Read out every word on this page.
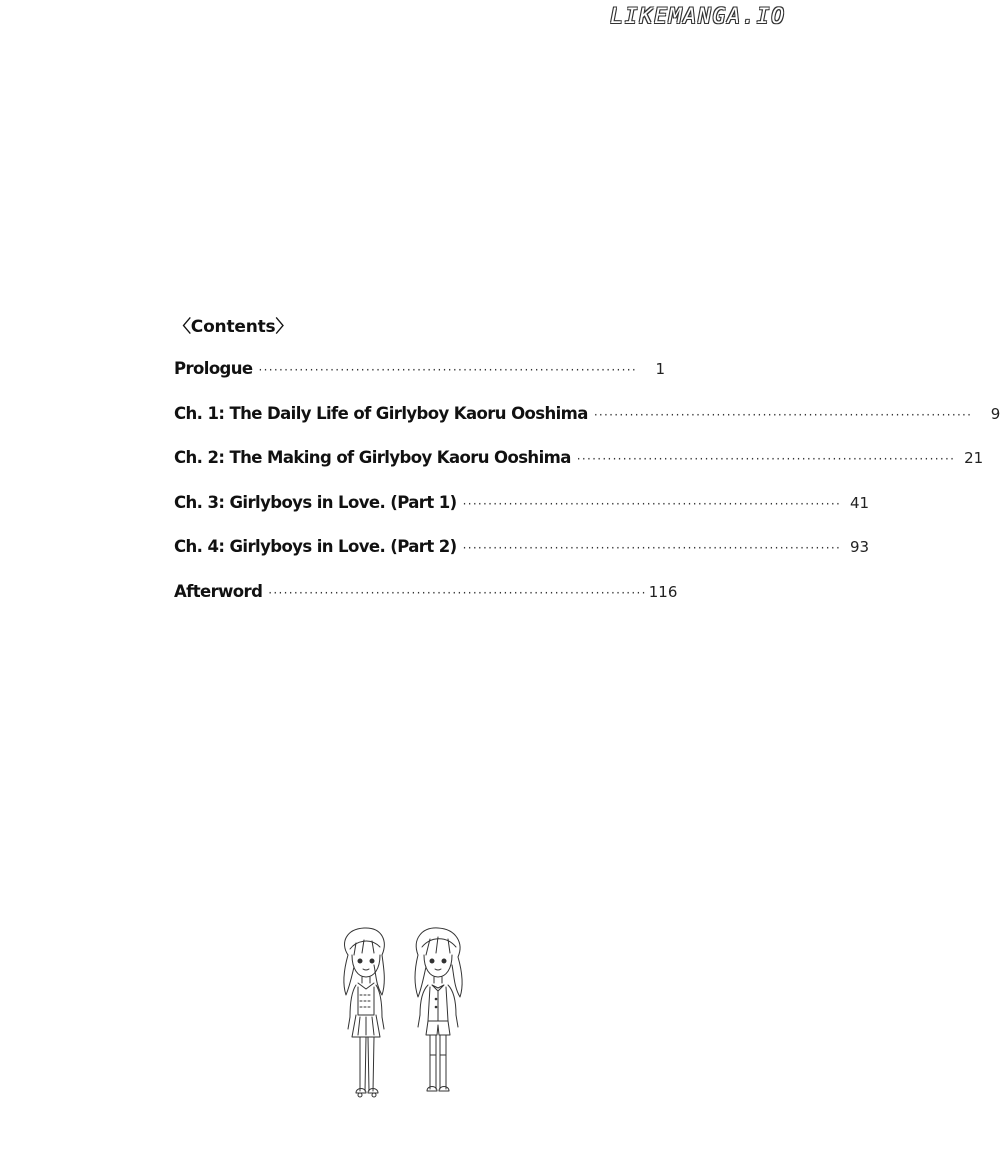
LIKEMANGA.IO
〈Contents〉
Prologue ··········································································	1
Ch. 1: The Daily Life of Girlyboy Kaoru Ooshima ··········································································	9
Ch. 2: The Making of Girlyboy Kaoru Ooshima ·········································································· 21
Ch. 3: Girlyboys in Love. (Part 1) ·········································································· 41
Ch. 4: Girlyboys in Love. (Part 2) ·········································································· 93
Afterword ·········································································· 116
